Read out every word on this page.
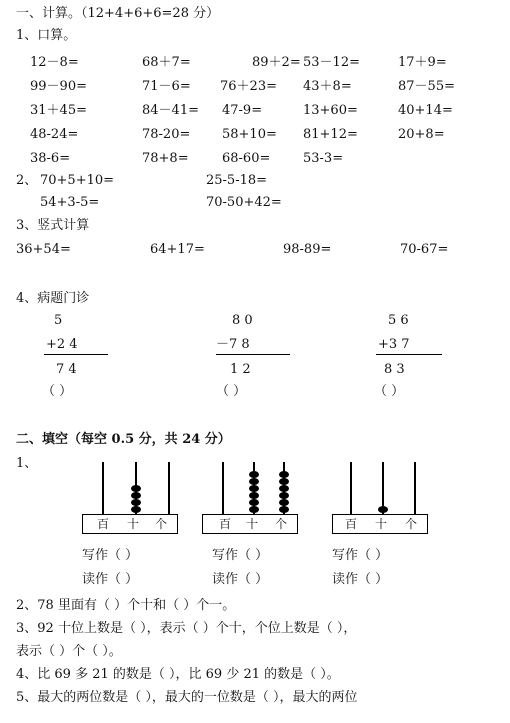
一、计算。（12+4+6+6=28 分）
1、口算。
12－8=	68＋7=	89＋2= 53－12=	17＋9=
99－90=	71－6= 76＋23= 43＋8=	87－55=
31＋45=	84－41= 47-9=	13+60=	40+14=
48-24=	78-20= 58+10= 81+12=	20+8=
38-6=	78+8=	68-60=	53-3=
2、 70+5+10=	25-5-18=
54+3-5=	70-50+42=
3、竖式计算
36+54=	64+17=	98-89=	70-67=
4、病题门诊
5
+2 4
7 4
（ ）
8 0
－7 8
1 2
（ ）
5 6
+3 7
8 3
（ ）
二、填空（每空 0.5 分，共 24 分）
1、
百 十 个	百 十 个	百 十 个
写作（ ）	写作（ ）	写作（ ）
读作（ ）	读作（ ）	读作（ ）
2、78 里面有（ ）个十和（ ）个一。
3、92 十位上数是（ ），表示（ ）个十，个位上数是（ ），
表示（ ）个（ ）。
4、比 69 多 21 的数是（ ），比 69 少 21 的数是（ ）。
5、最大的两位数是（ ），最大的一位数是（ ），最大的两位
